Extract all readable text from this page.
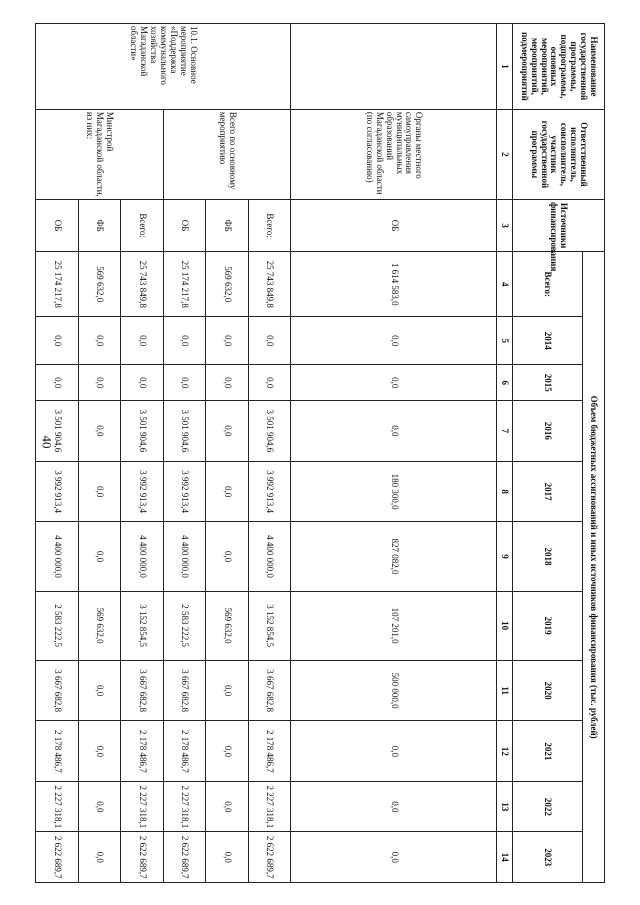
40
Наименование государственной программы, подпрограммы, основных мероприятий, мероприятий, подмероприятий	Ответственный исполнитель, соисполнитель, участник государственной программы	Источники финансирования	Объем бюджетных ассигнований и иных источников финансирования (тыс. рублей)										
			Всего:	2014	2015	2016	2017	2018	2019	2020	2021	2022	2023
1	2	3	4	5	6	7	8	9	10	11	12	13	14
	Органы местного самоуправления муниципальных образований Магаданской области (по согласованию)	ОБ	1 614 583,0	0,0	0,0	0,0	180 300,0	827 082,0	107 201,0	500 000,0	0,0	0,0	0,0
10.1. Основное мероприятие «Поддержка коммунального хозяйства Магаданской области»	Всего по основному мероприятию	Всего:	25 743 849,8	0,0	0,0	3 501 904,6	3 992 913,4	4 400 000,0	3 152 854,5	3 667 682,8	2 178 486,7	2 227 318,1	2 622 689,7
		ФБ	569 632,0	0,0	0,0	0,0	0,0	0,0	569 632,0	0,0	0,0	0,0	0,0
		ОБ	25 174 217,8	0,0	0,0	3 501 904,6	3 992 913,4	4 400 000,0	2 583 222,5	3 667 682,8	2 178 486,7	2 227 318,1	2 622 689,7
	Минстрой Магаданской области, из них:	Всего:	25 743 849,8	0,0	0,0	3 501 904,6	3 992 913,4	4 400 000,0	3 152 854,5	3 667 682,8	2 178 486,7	2 227 318,1	2 622 689,7
		ФБ	569 632,0	0,0	0,0	0,0	0,0	0,0	569 632,0	0,0	0,0	0,0	0,0
		ОБ	25 174 217,8	0,0	0,0	3 501 904,6	3 992 913,4	4 400 000,0	2 583 222,5	3 667 682,8	2 178 486,7	2 227 318,1	2 622 689,7
